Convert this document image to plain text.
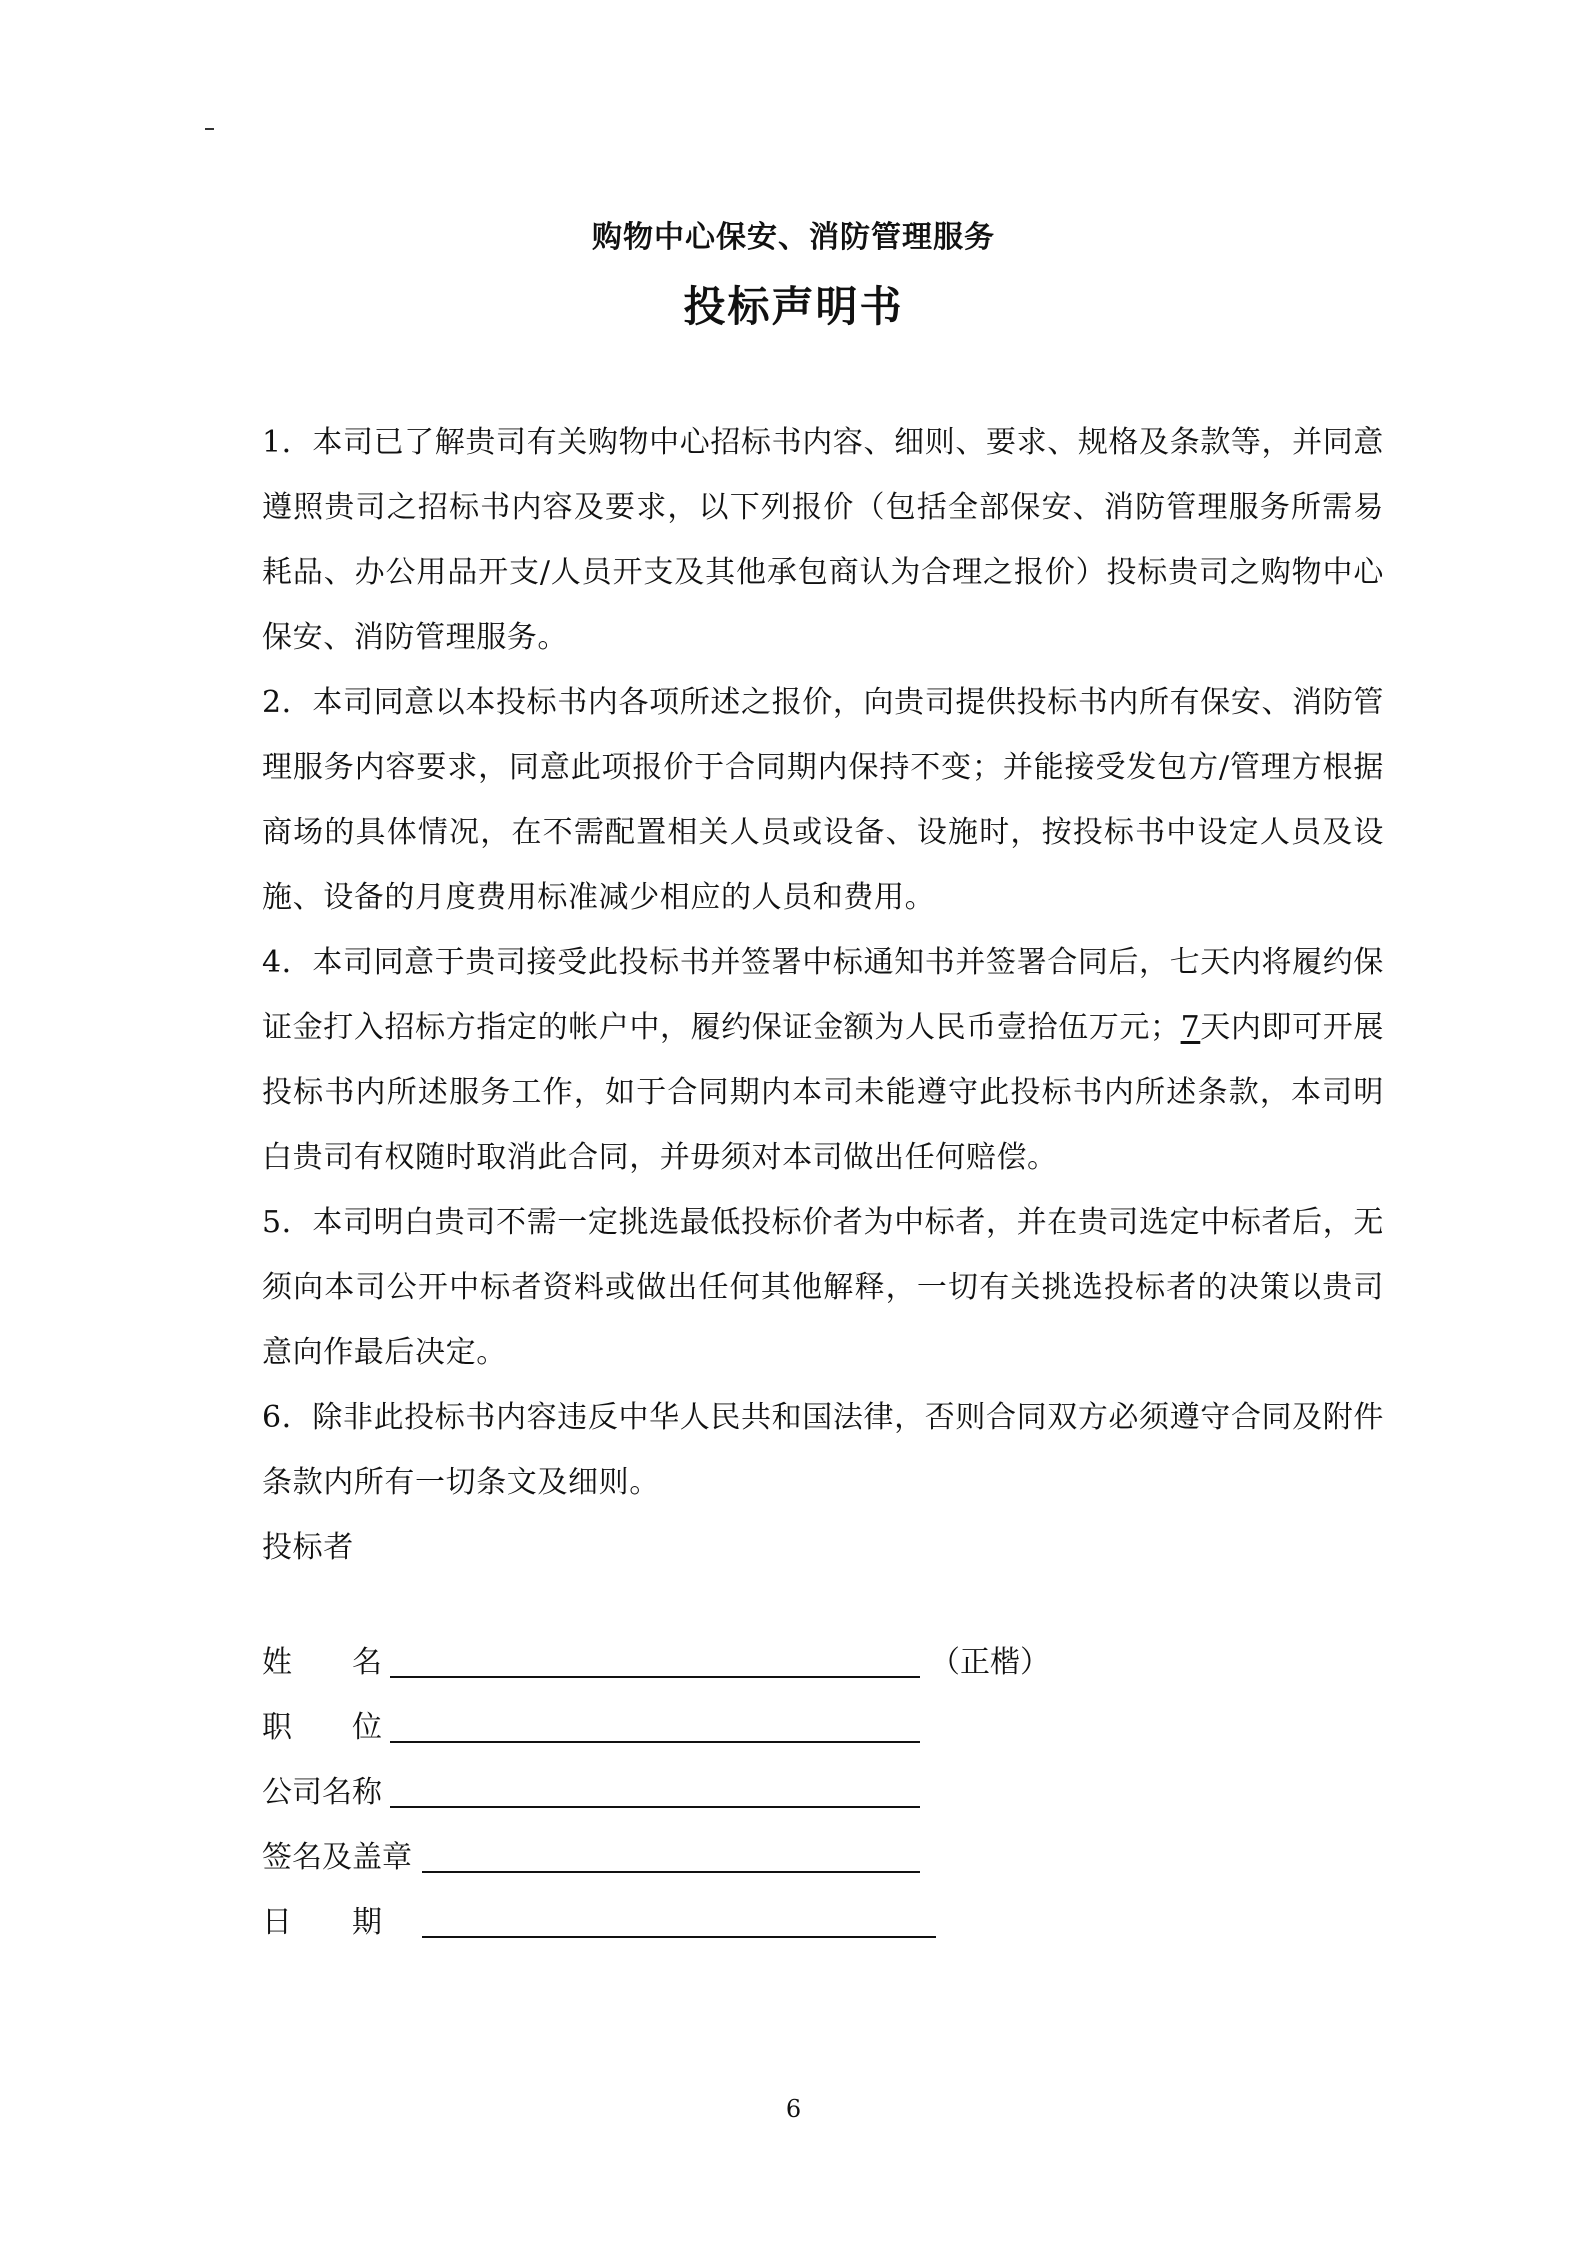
购物中心保安、消防管理服务
投标声明书

1．本司已了解贵司有关购物中心招标书内容、细则、要求、规格及条款等，并同意遵照贵司之招标书内容及要求，以下列报价（包括全部保安、消防管理服务所需易耗品、办公用品开支/人员开支及其他承包商认为合理之报价）投标贵司之购物中心保安、消防管理服务。

2．本司同意以本投标书内各项所述之报价，向贵司提供投标书内所有保安、消防管理服务内容要求，同意此项报价于合同期内保持不变；并能接受发包方/管理方根据商场的具体情况，在不需配置相关人员或设备、设施时，按投标书中设定人员及设施、设备的月度费用标准减少相应的人员和费用。

4．本司同意于贵司接受此投标书并签署中标通知书并签署合同后，七天内将履约保证金打入招标方指定的帐户中，履约保证金额为人民币壹拾伍万元；7天内即可开展投标书内所述服务工作，如于合同期内本司未能遵守此投标书内所述条款，本司明白贵司有权随时取消此合同，并毋须对本司做出任何赔偿。

5．本司明白贵司不需一定挑选最低投标价者为中标者，并在贵司选定中标者后，无须向本司公开中标者资料或做出任何其他解释，一切有关挑选投标者的决策以贵司意向作最后决定。

6．除非此投标书内容违反中华人民共和国法律，否则合同双方必须遵守合同及附件条款内所有一切条文及细则。

投标者

姓　　名	（正楷）
职　　位
公司名称
签名及盖章
日　　期
6
